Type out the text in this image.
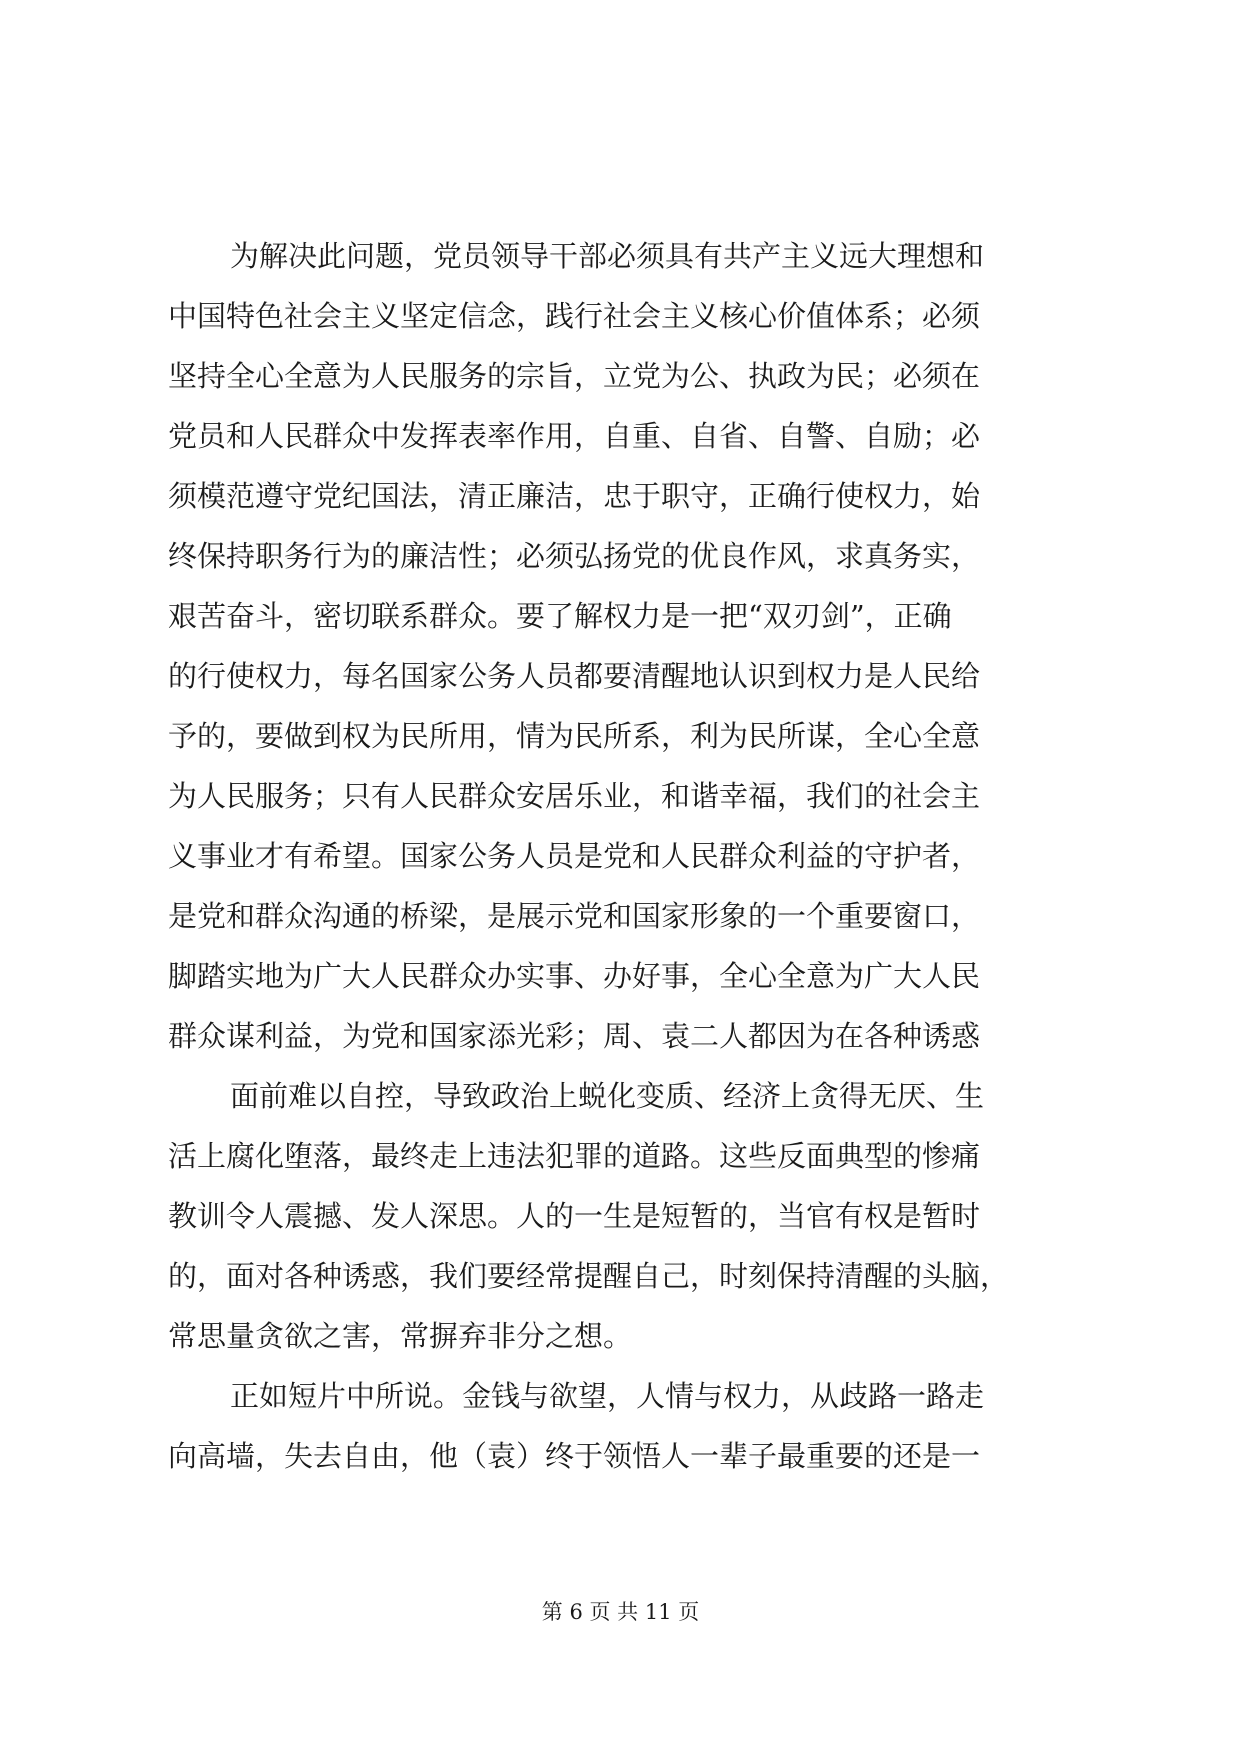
为解决此问题，党员领导干部必须具有共产主义远大理想和
中国特色社会主义坚定信念，践行社会主义核心价值体系；必须
坚持全心全意为人民服务的宗旨，立党为公、执政为民；必须在
党员和人民群众中发挥表率作用，自重、自省、自警、自励；必
须模范遵守党纪国法，清正廉洁，忠于职守，正确行使权力，始
终保持职务行为的廉洁性；必须弘扬党的优良作风，求真务实，
艰苦奋斗，密切联系群众。要了解权力是一把“双刃剑”，正确
的行使权力，每名国家公务人员都要清醒地认识到权力是人民给
予的，要做到权为民所用，情为民所系，利为民所谋，全心全意
为人民服务；只有人民群众安居乐业，和谐幸福，我们的社会主
义事业才有希望。国家公务人员是党和人民群众利益的守护者，
是党和群众沟通的桥梁，是展示党和国家形象的一个重要窗口，
脚踏实地为广大人民群众办实事、办好事，全心全意为广大人民
群众谋利益，为党和国家添光彩；周、袁二人都因为在各种诱惑
面前难以自控，导致政治上蜕化变质、经济上贪得无厌、生
活上腐化堕落，最终走上违法犯罪的道路。这些反面典型的惨痛
教训令人震撼、发人深思。人的一生是短暂的，当官有权是暂时
的，面对各种诱惑，我们要经常提醒自己，时刻保持清醒的头脑，
常思量贪欲之害，常摒弃非分之想。
正如短片中所说。金钱与欲望，人情与权力，从歧路一路走
向高墙，失去自由，他（袁）终于领悟人一辈子最重要的还是一
第 6 页 共 11 页
